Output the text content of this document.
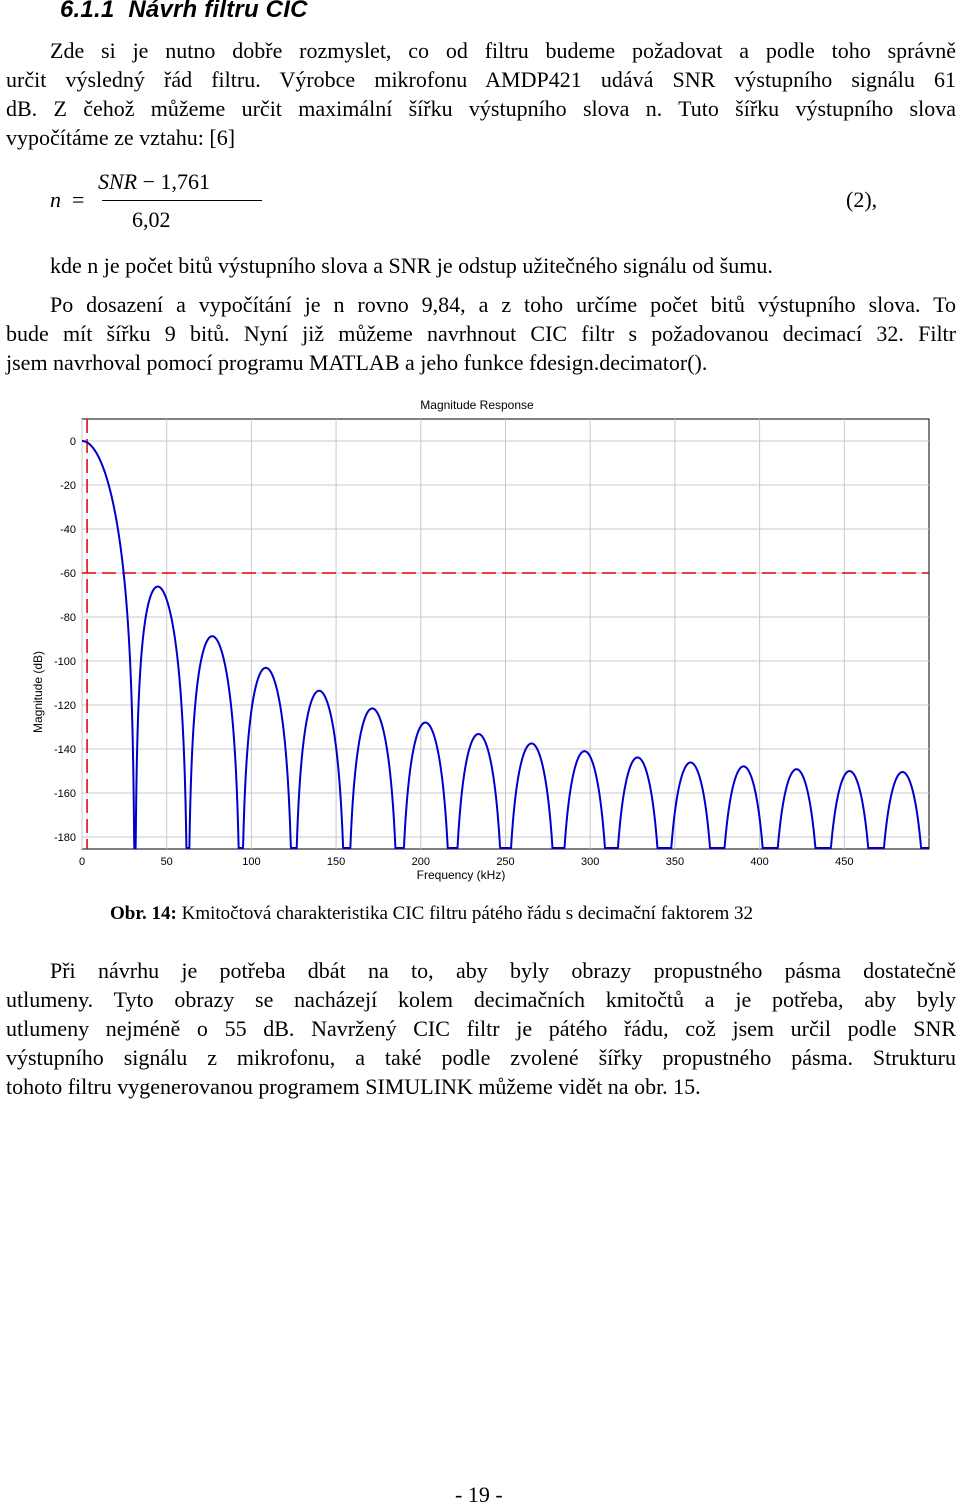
6.1.1 Návrh filtru CIC
Zde si je nutno dobře rozmyslet, co od filtru budeme požadovat a podle toho správně
určit výsledný řád filtru. Výrobce mikrofonu AMDP421 udává SNR výstupního signálu 61
dB. Z čehož můžeme určit maximální šířku výstupního slova n. Tuto šířku výstupního slova
vypočítáme ze vztahu: [6]
n =
SNR − 1,761
6,02
(2),
kde n je počet bitů výstupního slova a SNR je odstup užitečného signálu od šumu.
Po dosazení a vypočítání je n rovno 9,84, a z toho určíme počet bitů výstupního slova. To
bude mít šířku 9 bitů. Nyní již můžeme navrhnout CIC filtr s požadovanou decimací 32. Filtr
jsem navrhoval pomocí programu MATLAB a jeho funkce fdesign.decimator().
Magnitude Response
0
-20
-40
-60
-80
-100
-120
-140
-160
-180
0	50	100	150	200	250	300	350	400	450
Frequency (kHz)
Magnitude (dB)
Obr. 14: Kmitočtová charakteristika CIC filtru pátého řádu s decimační faktorem 32
Při návrhu je potřeba dbát na to, aby byly obrazy propustného pásma dostatečně
utlumeny. Tyto obrazy se nacházejí kolem decimačních kmitočtů a je potřeba, aby byly
utlumeny nejméně o 55 dB. Navržený CIC filtr je pátého řádu, což jsem určil podle SNR
výstupního signálu z mikrofonu, a také podle zvolené šířky propustného pásma. Strukturu
tohoto filtru vygenerovanou programem SIMULINK můžeme vidět na obr. 15.
- 19 -
